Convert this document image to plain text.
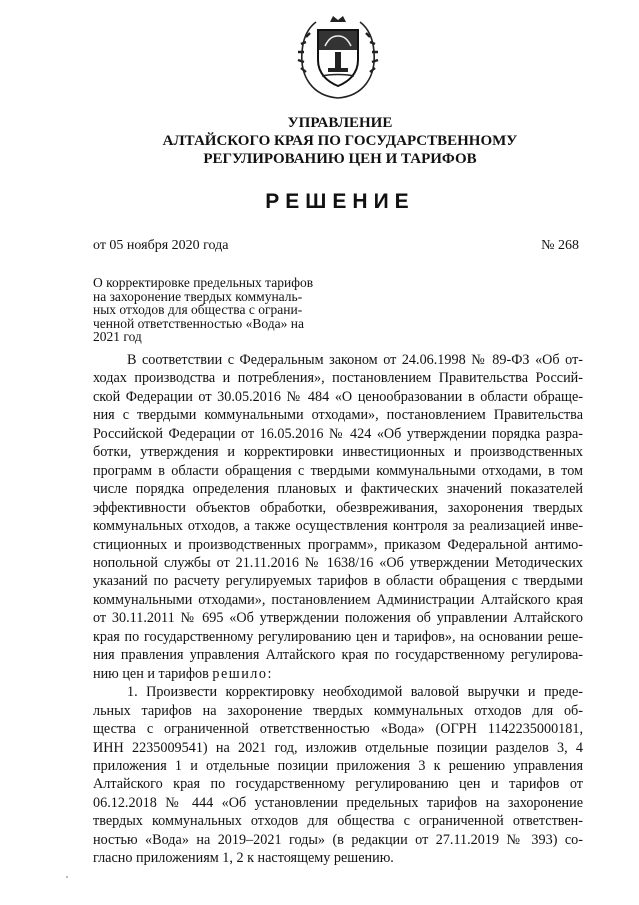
УПРАВЛЕНИЕ
АЛТАЙСКОГО КРАЯ ПО ГОСУДАРСТВЕННОМУ
РЕГУЛИРОВАНИЮ ЦЕН И ТАРИФОВ
РЕШЕНИЕ
от 05 ноября 2020 года	№ 268
О корректировке предельных тарифов
на захоронение твердых коммуналь-
ных отходов для общества с ограни-
ченной ответственностью «Вода» на
2021 год
В соответствии с Федеральным законом от 24.06.1998 № 89-ФЗ «Об от-
ходах производства и потребления», постановлением Правительства Россий-
ской Федерации от 30.05.2016 № 484 «О ценообразовании в области обраще-
ния с твердыми коммунальными отходами», постановлением Правительства
Российской Федерации от 16.05.2016 № 424 «Об утверждении порядка разра-
ботки, утверждения и корректировки инвестиционных и производственных
программ в области обращения с твердыми коммунальными отходами, в том
числе порядка определения плановых и фактических значений показателей
эффективности объектов обработки, обезвреживания, захоронения твердых
коммунальных отходов, а также осуществления контроля за реализацией инве-
стиционных и производственных программ», приказом Федеральной антимо-
нопольной службы от 21.11.2016 № 1638/16 «Об утверждении Методических
указаний по расчету регулируемых тарифов в области обращения с твердыми
коммунальными отходами», постановлением Администрации Алтайского края
от 30.11.2011 № 695 «Об утверждении положения об управлении Алтайского
края по государственному регулированию цен и тарифов», на основании реше-
ния правления управления Алтайского края по государственному регулирова-
нию цен и тарифов решило:
1. Произвести корректировку необходимой валовой выручки и преде-
льных тарифов на захоронение твердых коммунальных отходов для об-
щества с ограниченной ответственностью «Вода» (ОГРН 1142235000181,
ИНН 2235009541) на 2021 год, изложив отдельные позиции разделов 3, 4
приложения 1 и отдельные позиции приложения 3 к решению управления
Алтайского края по государственному регулированию цен и тарифов от
06.12.2018 № 444 «Об установлении предельных тарифов на захоронение
твердых коммунальных отходов для общества с ограниченной ответствен-
ностью «Вода» на 2019–2021 годы» (в редакции от 27.11.2019 № 393) со-
гласно приложениям 1, 2 к настоящему решению.
